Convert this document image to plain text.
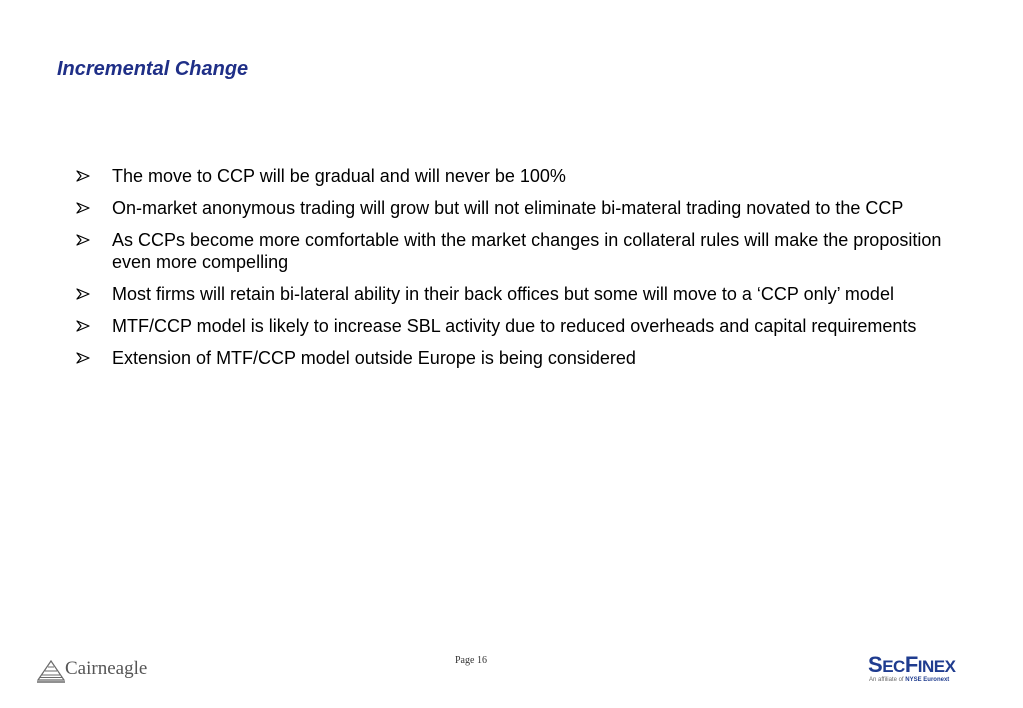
Incremental Change
The move to CCP will be gradual and will never be 100%
On-market anonymous trading will grow but will not eliminate bi-materal trading novated to the CCP
As CCPs become more comfortable with the market changes in collateral rules will make the proposition even more compelling
Most firms will retain bi-lateral ability in their back offices but some will move to a ‘CCP only’ model
MTF/CCP model is likely to increase SBL activity due to reduced overheads and capital requirements
Extension of MTF/CCP model outside Europe is being considered
Page 16
Cairneagle	SECFINEX
An affiliate of NYSE Euronext
